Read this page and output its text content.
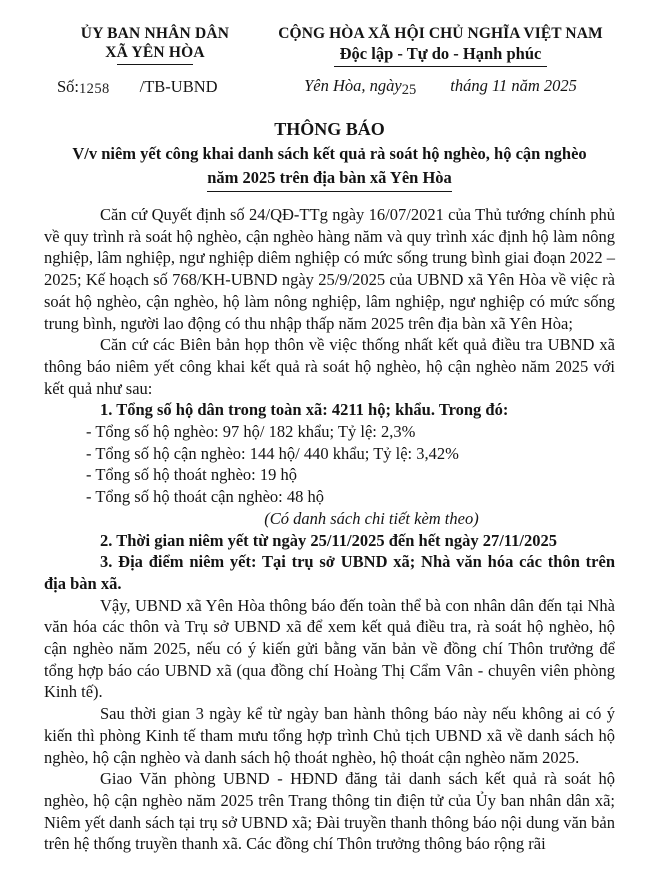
ỦY BAN NHÂN DÂN
XÃ YÊN HÒA
Số:1258 /TB-UBND
CỘNG HÒA XÃ HỘI CHỦ NGHĨA VIỆT NAM
Độc lập - Tự do - Hạnh phúc
Yên Hòa, ngày25 tháng 11 năm 2025
THÔNG BÁO
V/v niêm yết công khai danh sách kết quả rà soát hộ nghèo, hộ cận nghèo
năm 2025 trên địa bàn xã Yên Hòa

Căn cứ Quyết định số 24/QĐ-TTg ngày 16/07/2021 của Thủ tướng chính phủ về quy trình rà soát hộ nghèo, cận nghèo hàng năm và quy trình xác định hộ làm nông nghiệp, lâm nghiệp, ngư nghiệp diêm nghiệp có mức sống trung bình giai đoạn 2022 – 2025; Kế hoạch số 768/KH-UBND ngày 25/9/2025 của UBND xã Yên Hòa về việc rà soát hộ nghèo, cận nghèo, hộ làm nông nghiệp, lâm nghiệp, ngư nghiệp có mức sống trung bình, người lao động có thu nhập thấp năm 2025 trên địa bàn xã Yên Hòa;

Căn cứ các Biên bản họp thôn về việc thống nhất kết quả điều tra UBND xã thông báo niêm yết công khai kết quả rà soát hộ nghèo, hộ cận nghèo năm 2025 với kết quả như sau:

1. Tổng số hộ dân trong toàn xã: 4211 hộ; khẩu. Trong đó:

- Tổng số hộ nghèo: 97 hộ/ 182 khẩu; Tỷ lệ: 2,3%

- Tổng số hộ cận nghèo: 144 hộ/ 440 khẩu; Tỷ lệ: 3,42%

- Tổng số hộ thoát nghèo: 19 hộ

- Tổng số hộ thoát cận nghèo: 48 hộ

(Có danh sách chi tiết kèm theo)

2. Thời gian niêm yết từ ngày 25/11/2025 đến hết ngày 27/11/2025

3. Địa điểm niêm yết: Tại trụ sở UBND xã; Nhà văn hóa các thôn trên địa bàn xã.

Vậy, UBND xã Yên Hòa thông báo đến toàn thể bà con nhân dân đến tại Nhà văn hóa các thôn và Trụ sở UBND xã để xem kết quả điều tra, rà soát hộ nghèo, hộ cận nghèo năm 2025, nếu có ý kiến gửi bằng văn bản về đồng chí Thôn trưởng để tổng hợp báo cáo UBND xã (qua đồng chí Hoàng Thị Cẩm Vân - chuyên viên phòng Kinh tế).

Sau thời gian 3 ngày kể từ ngày ban hành thông báo này nếu không ai có ý kiến thì phòng Kinh tế tham mưu tổng hợp trình Chủ tịch UBND xã về danh sách hộ nghèo, hộ cận nghèo và danh sách hộ thoát nghèo, hộ thoát cận nghèo năm 2025.

Giao Văn phòng UBND - HĐND đăng tải danh sách kết quả rà soát hộ nghèo, hộ cận nghèo năm 2025 trên Trang thông tin điện tử của Ủy ban nhân dân xã; Niêm yết danh sách tại trụ sở UBND xã; Đài truyền thanh thông báo nội dung văn bản trên hệ thống truyền thanh xã. Các đồng chí Thôn trưởng thông báo rộng rãi
